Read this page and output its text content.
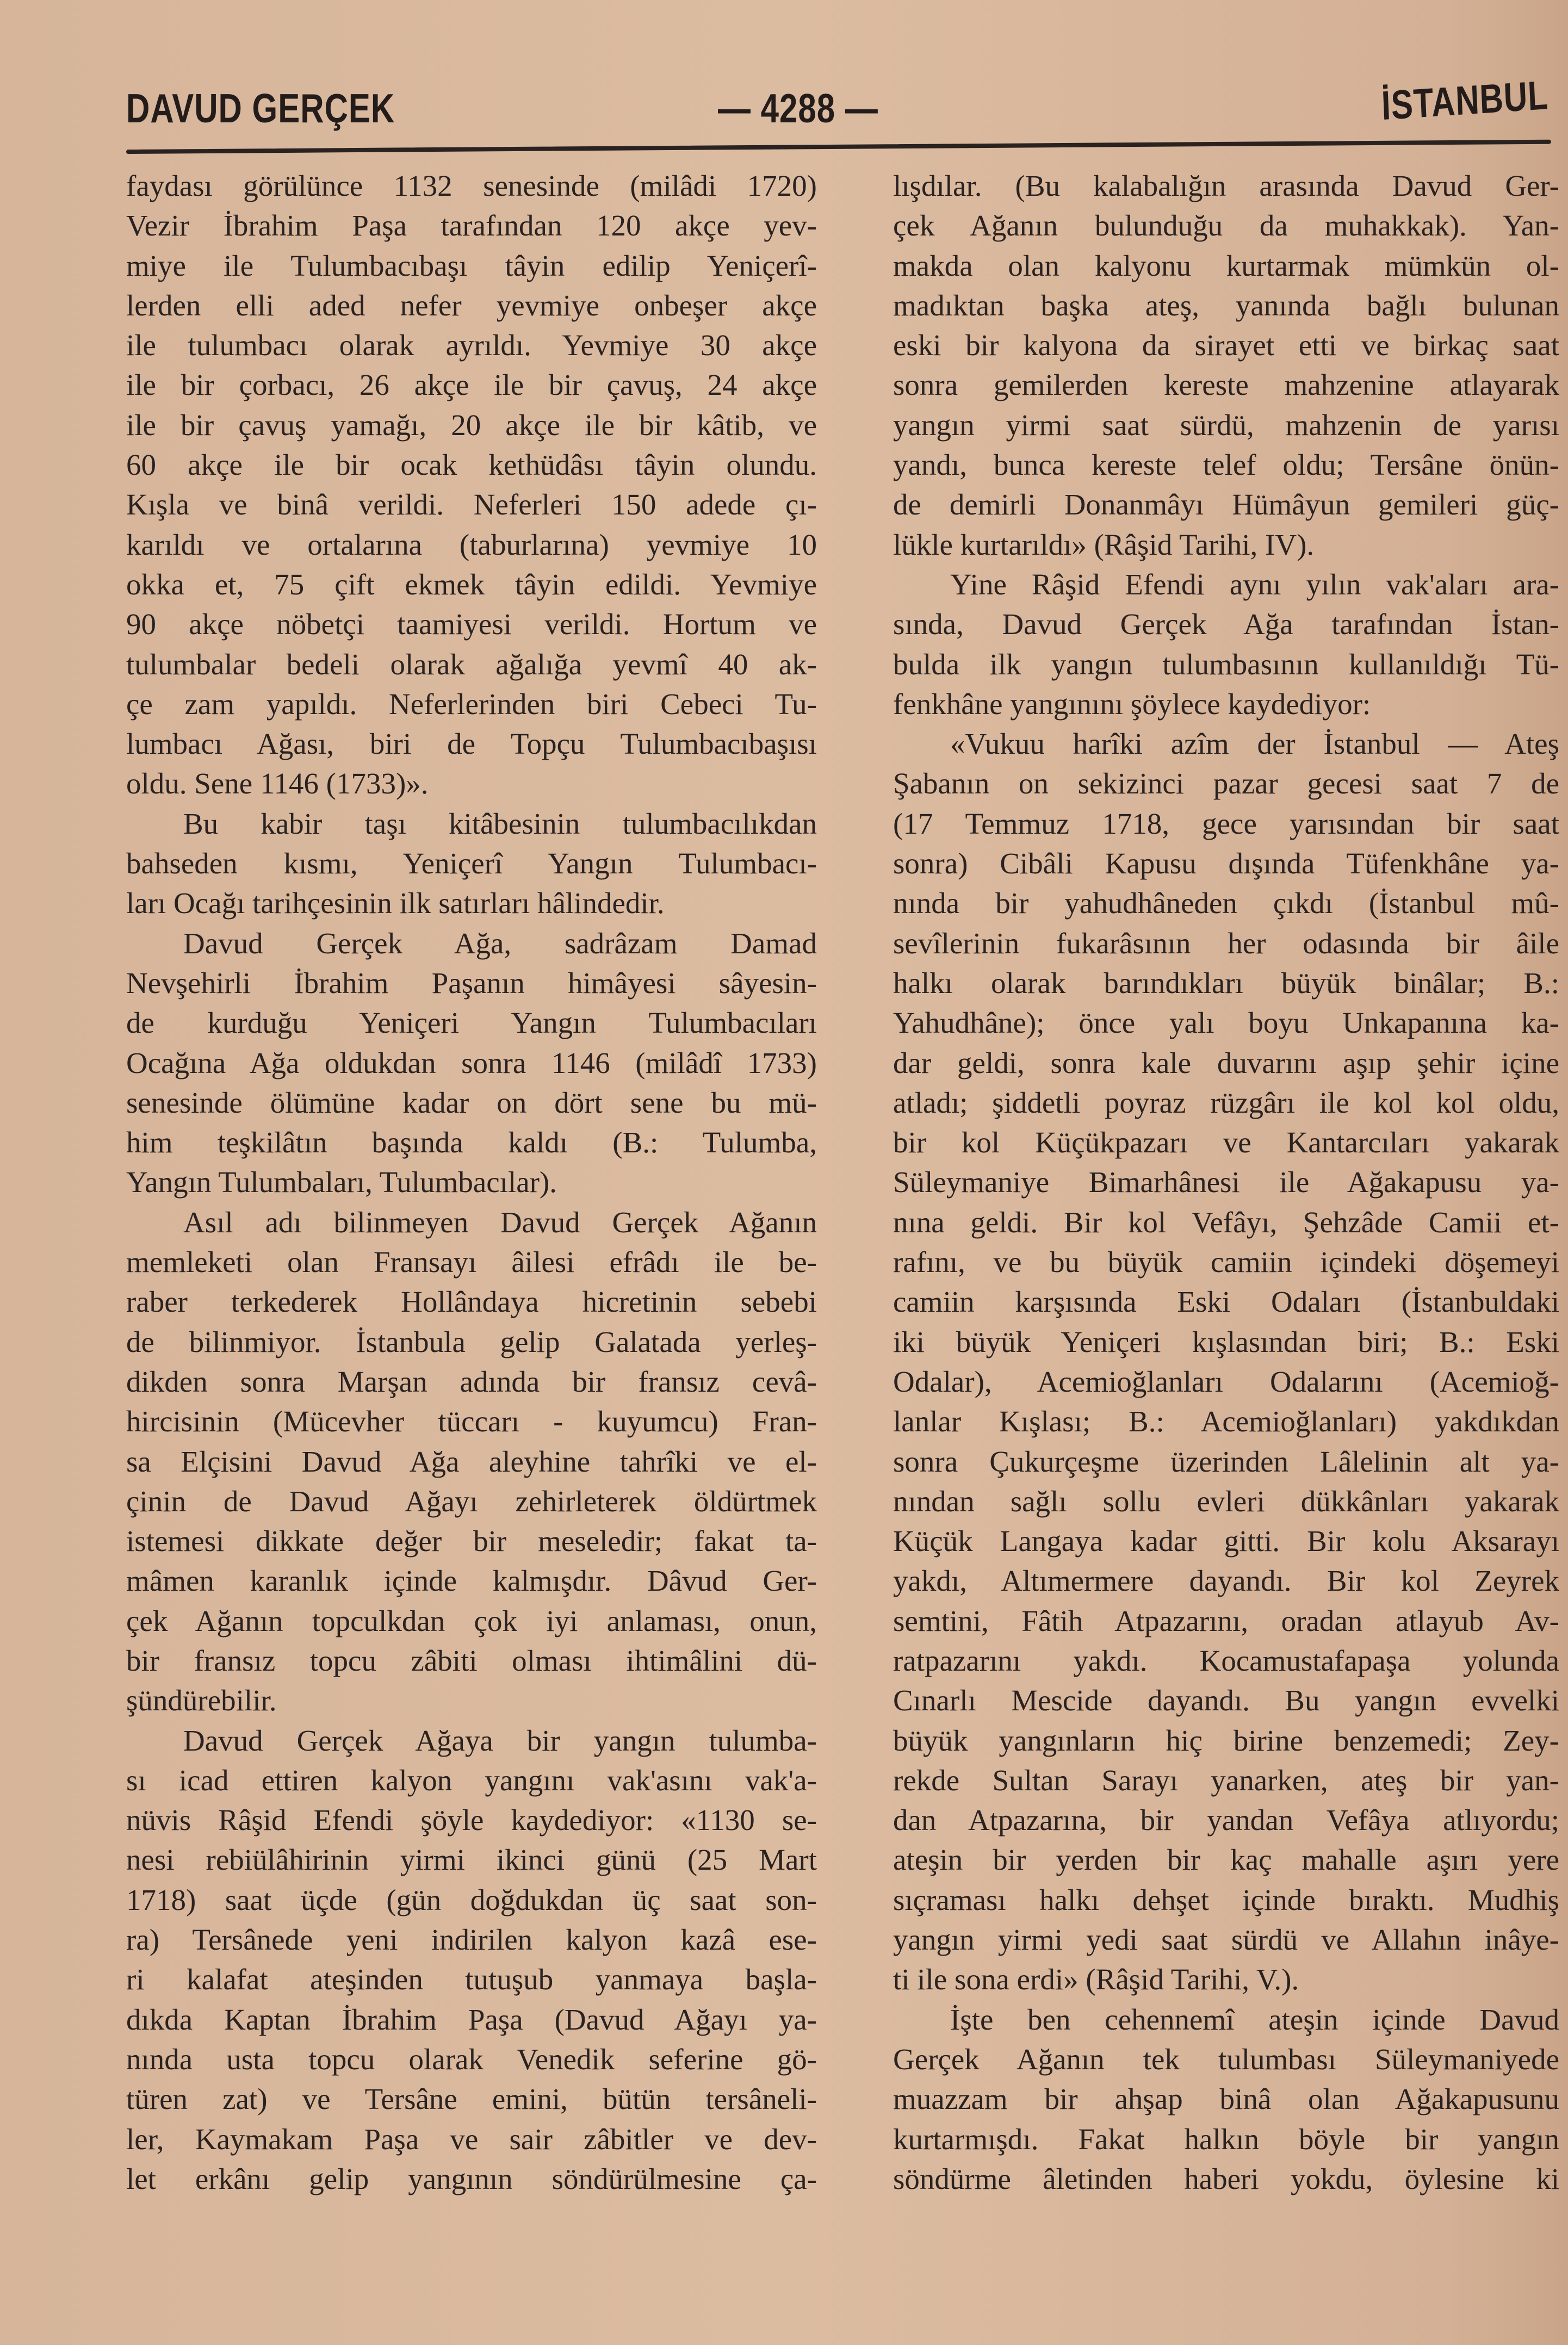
DAVUD GERÇEK	— 4288 —	İSTANBUL
faydası görülünce 1132 senesinde (milâdi 1720)
Vezir İbrahim Paşa tarafından 120 akçe yev-
miye ile Tulumbacıbaşı tâyin edilip Yeniçerî-
lerden elli aded nefer yevmiye onbeşer akçe
ile tulumbacı olarak ayrıldı. Yevmiye 30 akçe
ile bir çorbacı, 26 akçe ile bir çavuş, 24 akçe
ile bir çavuş yamağı, 20 akçe ile bir kâtib, ve
60 akçe ile bir ocak kethüdâsı tâyin olundu.
Kışla ve binâ verildi. Neferleri 150 adede çı-
karıldı ve ortalarına (taburlarına) yevmiye 10
okka et, 75 çift ekmek tâyin edildi. Yevmiye
90 akçe nöbetçi taamiyesi verildi. Hortum ve
tulumbalar bedeli olarak ağalığa yevmî 40 ak-
çe zam yapıldı. Neferlerinden biri Cebeci Tu-
lumbacı Ağası, biri de Topçu Tulumbacıbaşısı
oldu. Sene 1146 (1733)».
Bu kabir taşı kitâbesinin tulumbacılıkdan
bahseden kısmı, Yeniçerî Yangın Tulumbacı-
ları Ocağı tarihçesinin ilk satırları hâlindedir.
Davud Gerçek Ağa, sadrâzam Damad
Nevşehirli İbrahim Paşanın himâyesi sâyesin-
de kurduğu Yeniçeri Yangın Tulumbacıları
Ocağına Ağa oldukdan sonra 1146 (milâdî 1733)
senesinde ölümüne kadar on dört sene bu mü-
him teşkilâtın başında kaldı (B.: Tulumba,
Yangın Tulumbaları, Tulumbacılar).
Asıl adı bilinmeyen Davud Gerçek Ağanın
memleketi olan Fransayı âilesi efrâdı ile be-
raber terkederek Hollândaya hicretinin sebebi
de bilinmiyor. İstanbula gelip Galatada yerleş-
dikden sonra Marşan adında bir fransız cevâ-
hircisinin (Mücevher tüccarı - kuyumcu) Fran-
sa Elçisini Davud Ağa aleyhine tahrîki ve el-
çinin de Davud Ağayı zehirleterek öldürtmek
istemesi dikkate değer bir meseledir; fakat ta-
mâmen karanlık içinde kalmışdır. Dâvud Ger-
çek Ağanın topculkdan çok iyi anlaması, onun,
bir fransız topcu zâbiti olması ihtimâlini dü-
şündürebilir.
Davud Gerçek Ağaya bir yangın tulumba-
sı icad ettiren kalyon yangını vak'asını vak'a-
nüvis Râşid Efendi şöyle kaydediyor: «1130 se-
nesi rebiülâhirinin yirmi ikinci günü (25 Mart
1718) saat üçde (gün doğdukdan üç saat son-
ra) Tersânede yeni indirilen kalyon kazâ ese-
ri kalafat ateşinden tutuşub yanmaya başla-
dıkda Kaptan İbrahim Paşa (Davud Ağayı ya-
nında usta topcu olarak Venedik seferine gö-
türen zat) ve Tersâne emini, bütün tersâneli-
ler, Kaymakam Paşa ve sair zâbitler ve dev-
let erkânı gelip yangının söndürülmesine ça-
lışdılar. (Bu kalabalığın arasında Davud Ger-
çek Ağanın bulunduğu da muhakkak). Yan-
makda olan kalyonu kurtarmak mümkün ol-
madıktan başka ateş, yanında bağlı bulunan
eski bir kalyona da sirayet etti ve birkaç saat
sonra gemilerden kereste mahzenine atlayarak
yangın yirmi saat sürdü, mahzenin de yarısı
yandı, bunca kereste telef oldu; Tersâne önün-
de demirli Donanmâyı Hümâyun gemileri güç-
lükle kurtarıldı» (Râşid Tarihi, IV).
Yine Râşid Efendi aynı yılın vak'aları ara-
sında, Davud Gerçek Ağa tarafından İstan-
bulda ilk yangın tulumbasının kullanıldığı Tü-
fenkhâne yangınını şöylece kaydediyor:
«Vukuu harîki azîm der İstanbul — Ateş
Şabanın on sekizinci pazar gecesi saat 7 de
(17 Temmuz 1718, gece yarısından bir saat
sonra) Cibâli Kapusu dışında Tüfenkhâne ya-
nında bir yahudhâneden çıkdı (İstanbul mû-
sevîlerinin fukarâsının her odasında bir âile
halkı olarak barındıkları büyük binâlar; B.:
Yahudhâne); önce yalı boyu Unkapanına ka-
dar geldi, sonra kale duvarını aşıp şehir içine
atladı; şiddetli poyraz rüzgârı ile kol kol oldu,
bir kol Küçükpazarı ve Kantarcıları yakarak
Süleymaniye Bimarhânesi ile Ağakapusu ya-
nına geldi. Bir kol Vefâyı, Şehzâde Camii et-
rafını, ve bu büyük camiin içindeki döşemeyi
camiin karşısında Eski Odaları (İstanbuldaki
iki büyük Yeniçeri kışlasından biri; B.: Eski
Odalar), Acemioğlanları Odalarını (Acemioğ-
lanlar Kışlası; B.: Acemioğlanları) yakdıkdan
sonra Çukurçeşme üzerinden Lâlelinin alt ya-
nından sağlı sollu evleri dükkânları yakarak
Küçük Langaya kadar gitti. Bir kolu Aksarayı
yakdı, Altımermere dayandı. Bir kol Zeyrek
semtini, Fâtih Atpazarını, oradan atlayub Av-
ratpazarını yakdı. Kocamustafapaşa yolunda
Cınarlı Mescide dayandı. Bu yangın evvelki
büyük yangınların hiç birine benzemedi; Zey-
rekde Sultan Sarayı yanarken, ateş bir yan-
dan Atpazarına, bir yandan Vefâya atlıyordu;
ateşin bir yerden bir kaç mahalle aşırı yere
sıçraması halkı dehşet içinde bıraktı. Mudhiş
yangın yirmi yedi saat sürdü ve Allahın inâye-
ti ile sona erdi» (Râşid Tarihi, V.).
İşte ben cehennemî ateşin içinde Davud
Gerçek Ağanın tek tulumbası Süleymaniyede
muazzam bir ahşap binâ olan Ağakapusunu
kurtarmışdı. Fakat halkın böyle bir yangın
söndürme âletinden haberi yokdu, öylesine ki
